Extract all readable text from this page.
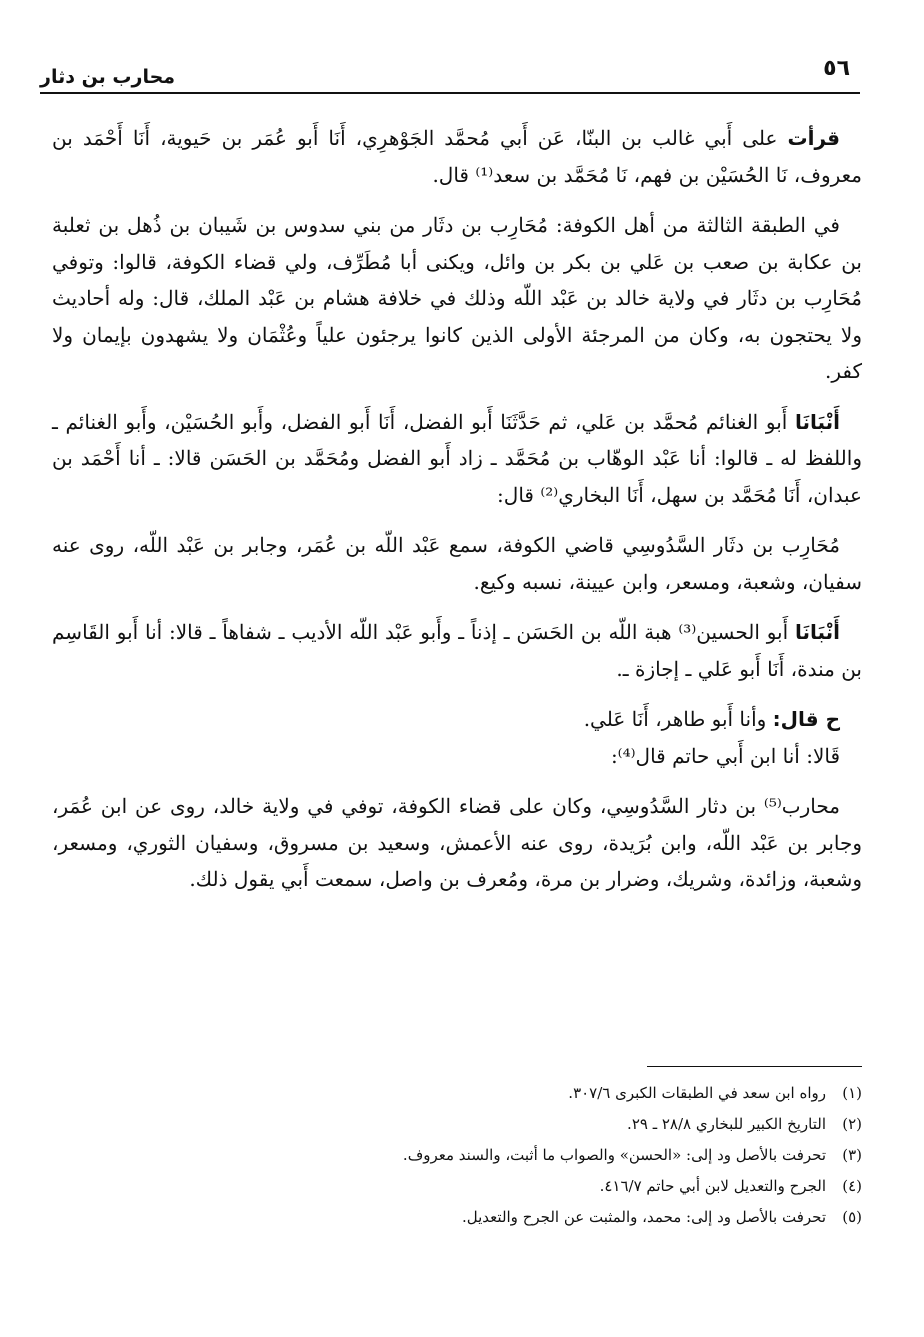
٥٦
محارب بن دثار

قرأت على أَبي غالب بن البنّا، عَن أَبي مُحمَّد الجَوْهرِي، أَنَا أَبو عُمَر بن حَيوية، أَنَا أَحْمَد بن معروف، نَا الحُسَيْن بن فهم، نَا مُحَمَّد بن سعد⁽¹⁾ قال.

في الطبقة الثالثة من أهل الكوفة: مُحَارِب بن دثَار من بني سدوس بن شَيبان بن ذُهل بن ثعلبة بن عكابة بن صعب بن عَلي بن بكر بن وائل، ويكنى أبا مُطَرِّف، ولي قضاء الكوفة، قالوا: وتوفي مُحَارِب بن دثَار في ولاية خالد بن عَبْد اللّه وذلك في خلافة هشام بن عَبْد الملك، قال: وله أحاديث ولا يحتجون به، وكان من المرجئة الأولى الذين كانوا يرجئون علياً وعُثْمَان ولا يشهدون بإيمان ولا كفر.

أَنْبَانَا أَبو الغنائم مُحمَّد بن عَلي، ثم حَدَّثَنَا أَبو الفضل، أَنَا أَبو الفضل، وأَبو الحُسَيْن، وأَبو الغنائم ـ واللفظ له ـ قالوا: أنا عَبْد الوهّاب بن مُحَمَّد ـ زاد أَبو الفضل ومُحَمَّد بن الحَسَن قالا: ـ أنا أَحْمَد بن عبدان، أَنَا مُحَمَّد بن سهل، أَنَا البخاري⁽²⁾ قال:

مُحَارِب بن دثَار السَّدُوسِي قاضي الكوفة، سمع عَبْد اللّه بن عُمَر، وجابر بن عَبْد اللّه، روى عنه سفيان، وشعبة، ومسعر، وابن عيينة، نسبه وكيع.

أَنْبَانَا أَبو الحسين⁽³⁾ هبة اللّه بن الحَسَن ـ إذناً ـ وأَبو عَبْد اللّه الأديب ـ شفاهاً ـ قالا: أنا أَبو القَاسِم بن مندة، أَنَا أَبو عَلي ـ إجازة ـ.

ح قال: وأنا أَبو طاهر، أَنَا عَلي.

قَالا: أنا ابن أَبي حاتم قال⁽⁴⁾:

محارب⁽⁵⁾ بن دثار السَّدُوسِي، وكان على قضاء الكوفة، توفي في ولاية خالد، روى عن ابن عُمَر، وجابر بن عَبْد اللّه، وابن بُرَيدة، روى عنه الأعمش، وسعيد بن مسروق، وسفيان الثوري، ومسعر، وشعبة، وزائدة، وشريك، وضرار بن مرة، ومُعرف بن واصل، سمعت أَبي يقول ذلك.

(١)
رواه ابن سعد في الطبقات الكبرى ٣٠٧/٦.
(٢)
التاريخ الكبير للبخاري ٢٨/٨ ـ ٢٩.
(٣)
تحرفت بالأصل ود إلى: «الحسن» والصواب ما أثبت، والسند معروف.
(٤)
الجرح والتعديل لابن أبي حاتم ٤١٦/٧.
(٥)
تحرفت بالأصل ود إلى: محمد، والمثبت عن الجرح والتعديل.
